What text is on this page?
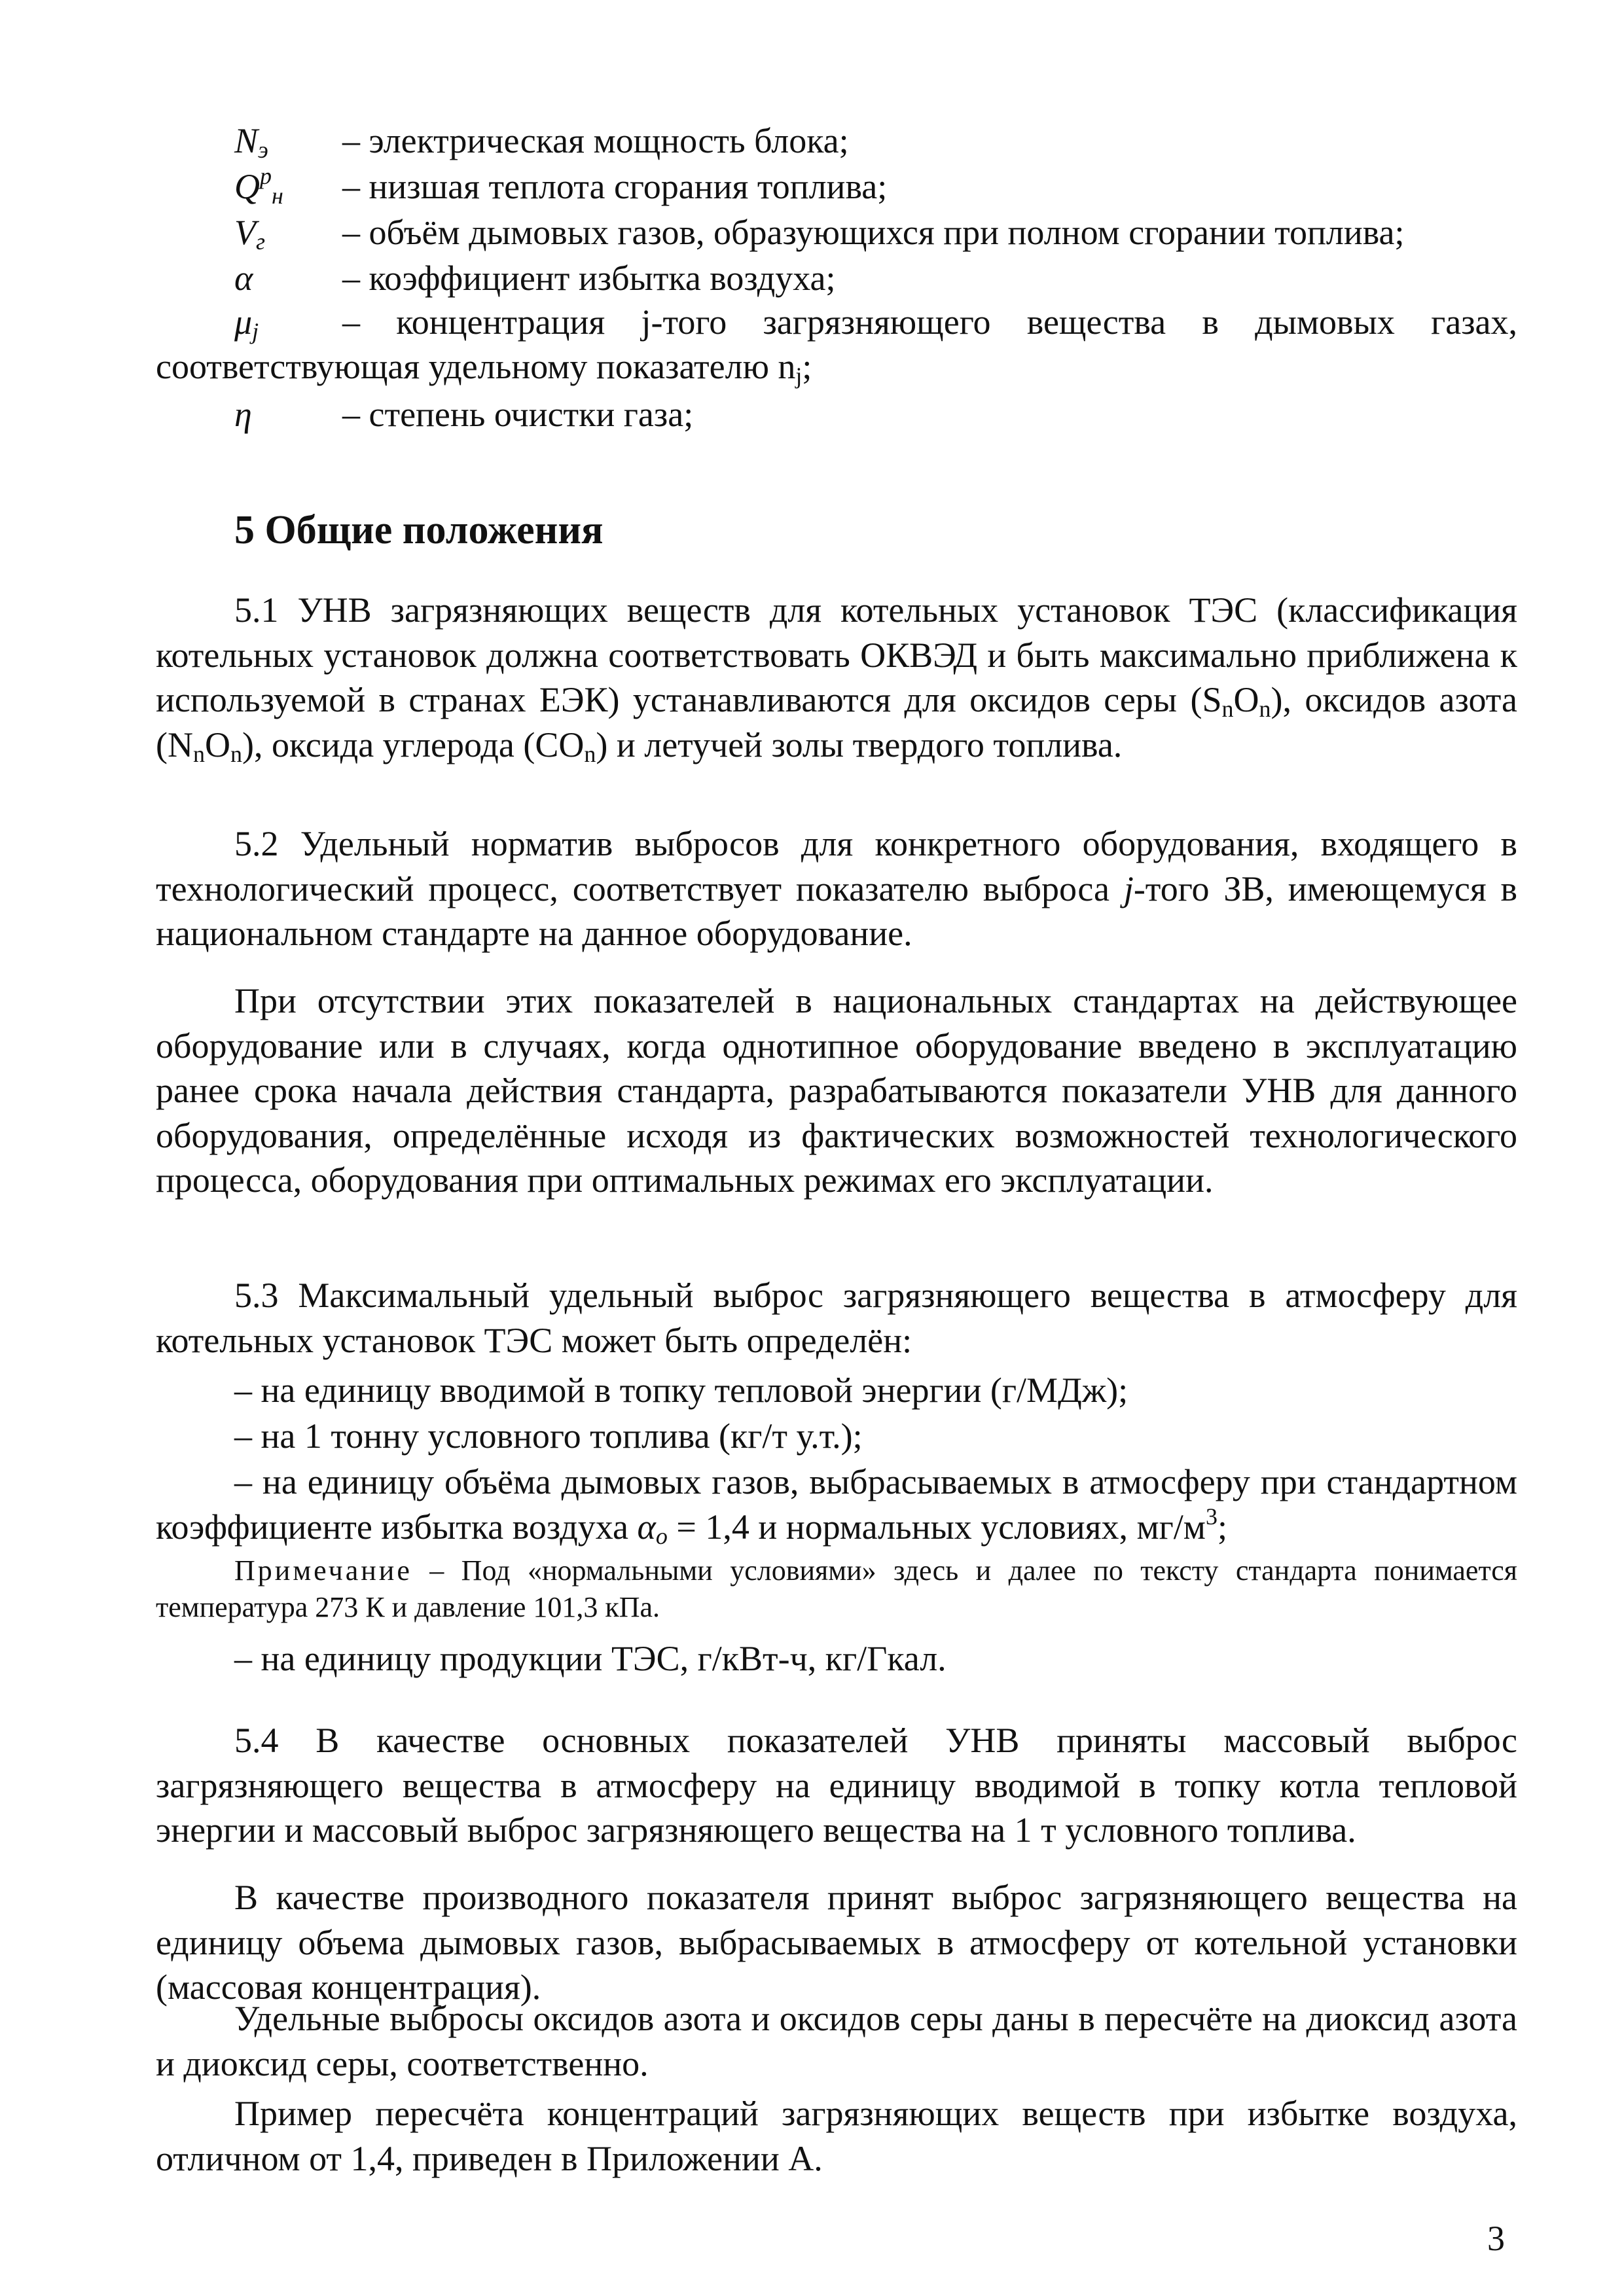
$N_э$ – электрическая мощность блока;
$Q^р_н$ – низшая теплота сгорания топлива;
$V_г$ – объём дымовых газов, образующихся при полном сгорании топлива;
α	– коэффициент избытка воздуха;
$\mu_j$ – концентрация j-того загрязняющего вещества в дымовых газах, соответствующая удельному показателю $n_j$;
η	– степень очистки газа;
5 Общие положения

5.1 УНВ загрязняющих веществ для котельных установок ТЭС (классификация котельных установок должна соответствовать ОКВЭД и быть максимально приближена к используемой в странах ЕЭК) устанавливаются для оксидов серы $(S_nO_n)$, оксидов азота $(N_nO_n)$, оксида углерода $(CO_n)$ и летучей золы твердого топлива.

5.2 Удельный норматив выбросов для конкретного оборудования, входящего в технологический процесс, соответствует показателю выброса j-того ЗВ, имеющемуся в национальном стандарте на данное оборудование.

При отсутствии этих показателей в национальных стандартах на действующее оборудование или в случаях, когда однотипное оборудование введено в эксплуатацию ранее срока начала действия стандарта, разрабатываются показатели УНВ для данного оборудования, определённые исходя из фактических возможностей технологического процесса, оборудования при оптимальных режимах его эксплуатации.

5.3 Максимальный удельный выброс загрязняющего вещества в атмосферу для котельных установок ТЭС может быть определён:

– на единицу вводимой в топку тепловой энергии (г/МДж);

– на 1 тонну условного топлива (кг/т у.т.);

– на единицу объёма дымовых газов, выбрасываемых в атмосферу при стандартном коэффициенте избытка воздуха $\alpha_о = 1,4$ и нормальных условиях, $мг/м^3$;

Примечание – Под «нормальными условиями» здесь и далее по тексту стандарта понимается температура 273 К и давление 101,3 кПа.

– на единицу продукции ТЭС, г/кВт-ч, кг/Гкал.

5.4 В качестве основных показателей УНВ приняты массовый выброс загрязняющего вещества в атмосферу на единицу вводимой в топку котла тепловой энергии и массовый выброс загрязняющего вещества на 1 т условного топлива.

В качестве производного показателя принят выброс загрязняющего вещества на единицу объема дымовых газов, выбрасываемых в атмосферу от котельной установки (массовая концентрация).

Удельные выбросы оксидов азота и оксидов серы даны в пересчёте на диоксид азота и диоксид серы, соответственно.

Пример пересчёта концентраций загрязняющих веществ при избытке воздуха, отличном от 1,4, приведен в Приложении А.

3
